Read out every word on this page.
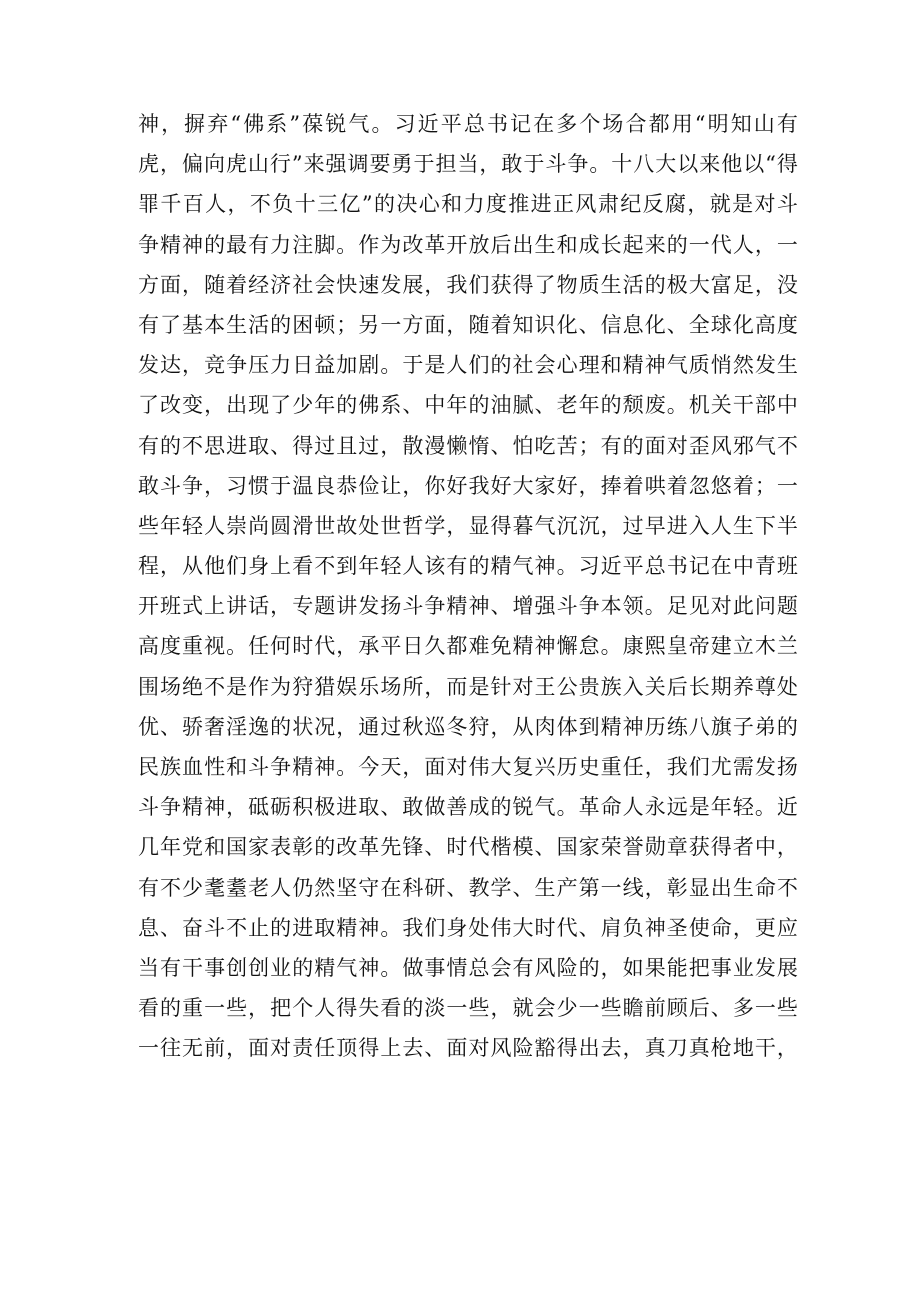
神，摒弃“佛系”葆锐气。习近平总书记在多个场合都用“明知山有
虎，偏向虎山行”来强调要勇于担当，敢于斗争。十八大以来他以“得
罪千百人，不负十三亿”的决心和力度推进正风肃纪反腐，就是对斗
争精神的最有力注脚。作为改革开放后出生和成长起来的一代人，一
方面，随着经济社会快速发展，我们获得了物质生活的极大富足，没
有了基本生活的困顿；另一方面，随着知识化、信息化、全球化高度
发达，竞争压力日益加剧。于是人们的社会心理和精神气质悄然发生
了改变，出现了少年的佛系、中年的油腻、老年的颓废。机关干部中
有的不思进取、得过且过，散漫懒惰、怕吃苦；有的面对歪风邪气不
敢斗争，习惯于温良恭俭让，你好我好大家好，捧着哄着忽悠着；一
些年轻人崇尚圆滑世故处世哲学，显得暮气沉沉，过早进入人生下半
程，从他们身上看不到年轻人该有的精气神。习近平总书记在中青班
开班式上讲话，专题讲发扬斗争精神、增强斗争本领。足见对此问题
高度重视。任何时代，承平日久都难免精神懈怠。康熙皇帝建立木兰
围场绝不是作为狩猎娱乐场所，而是针对王公贵族入关后长期养尊处
优、骄奢淫逸的状况，通过秋巡冬狩，从肉体到精神历练八旗子弟的
民族血性和斗争精神。今天，面对伟大复兴历史重任，我们尤需发扬
斗争精神，砥砺积极进取、敢做善成的锐气。革命人永远是年轻。近
几年党和国家表彰的改革先锋、时代楷模、国家荣誉勋章获得者中，
有不少耄耋老人仍然坚守在科研、教学、生产第一线，彰显出生命不
息、奋斗不止的进取精神。我们身处伟大时代、肩负神圣使命，更应
当有干事创创业的精气神。做事情总会有风险的，如果能把事业发展
看的重一些，把个人得失看的淡一些，就会少一些瞻前顾后、多一些
一往无前，面对责任顶得上去、面对风险豁得出去，真刀真枪地干，
